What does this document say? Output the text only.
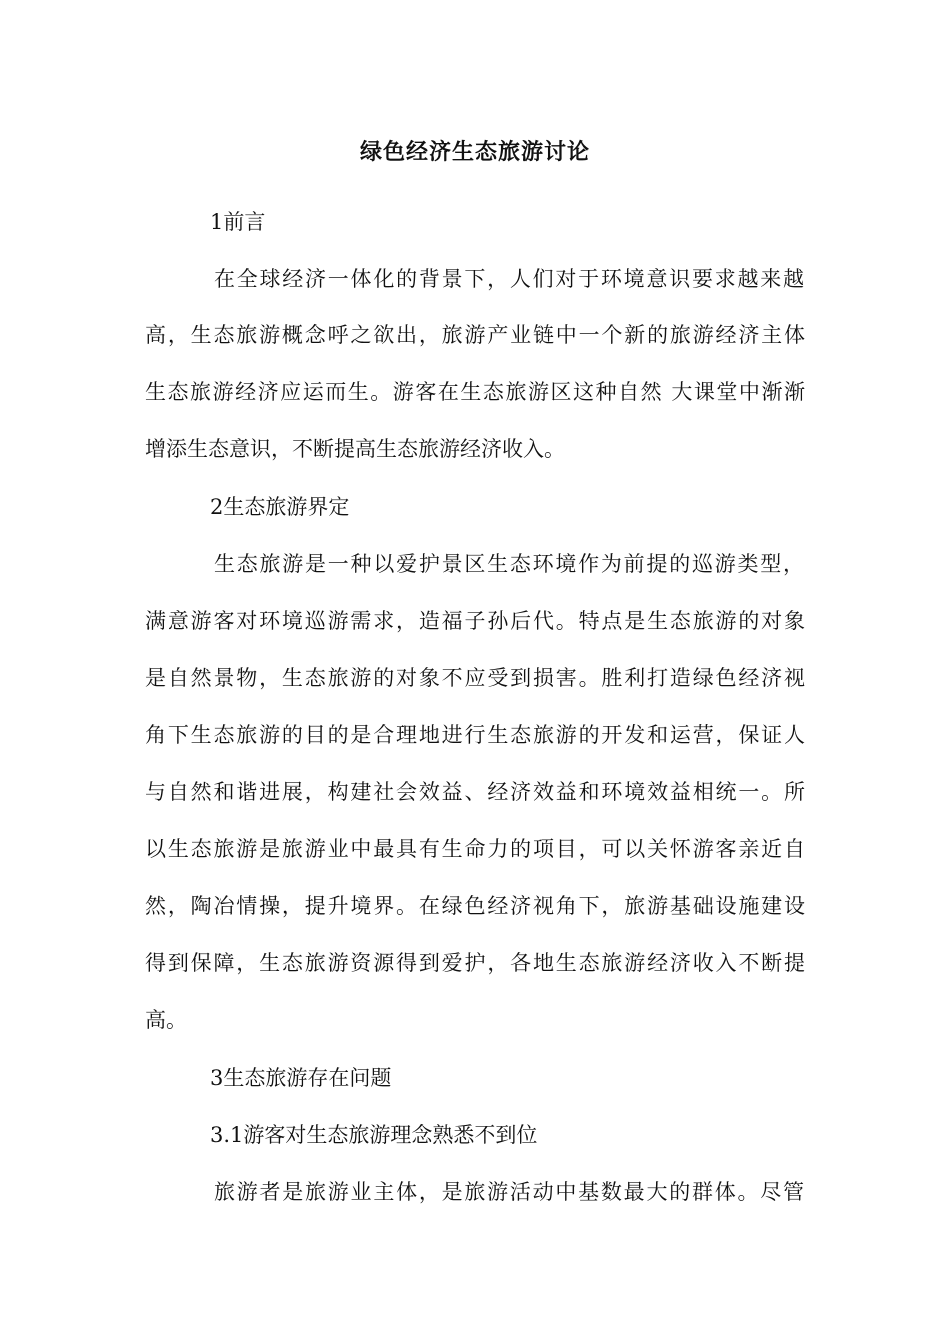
绿色经济生态旅游讨论
1前言
在全球经济一体化的背景下，人们对于环境意识要求越来越
高，生态旅游概念呼之欲出，旅游产业链中一个新的旅游经济主体
生态旅游经济应运而生。游客在生态旅游区这种自然 大课堂中渐渐
增添生态意识，不断提高生态旅游经济收入。
2生态旅游界定
生态旅游是一种以爱护景区生态环境作为前提的巡游类型，
满意游客对环境巡游需求，造福子孙后代。特点是生态旅游的对象
是自然景物，生态旅游的对象不应受到损害。胜利打造绿色经济视
角下生态旅游的目的是合理地进行生态旅游的开发和运营，保证人
与自然和谐进展，构建社会效益、经济效益和环境效益相统一。所
以生态旅游是旅游业中最具有生命力的项目，可以关怀游客亲近自
然，陶冶情操，提升境界。在绿色经济视角下，旅游基础设施建设
得到保障，生态旅游资源得到爱护，各地生态旅游经济收入不断提
高。
3生态旅游存在问题
3.1游客对生态旅游理念熟悉不到位
旅游者是旅游业主体，是旅游活动中基数最大的群体。尽管
